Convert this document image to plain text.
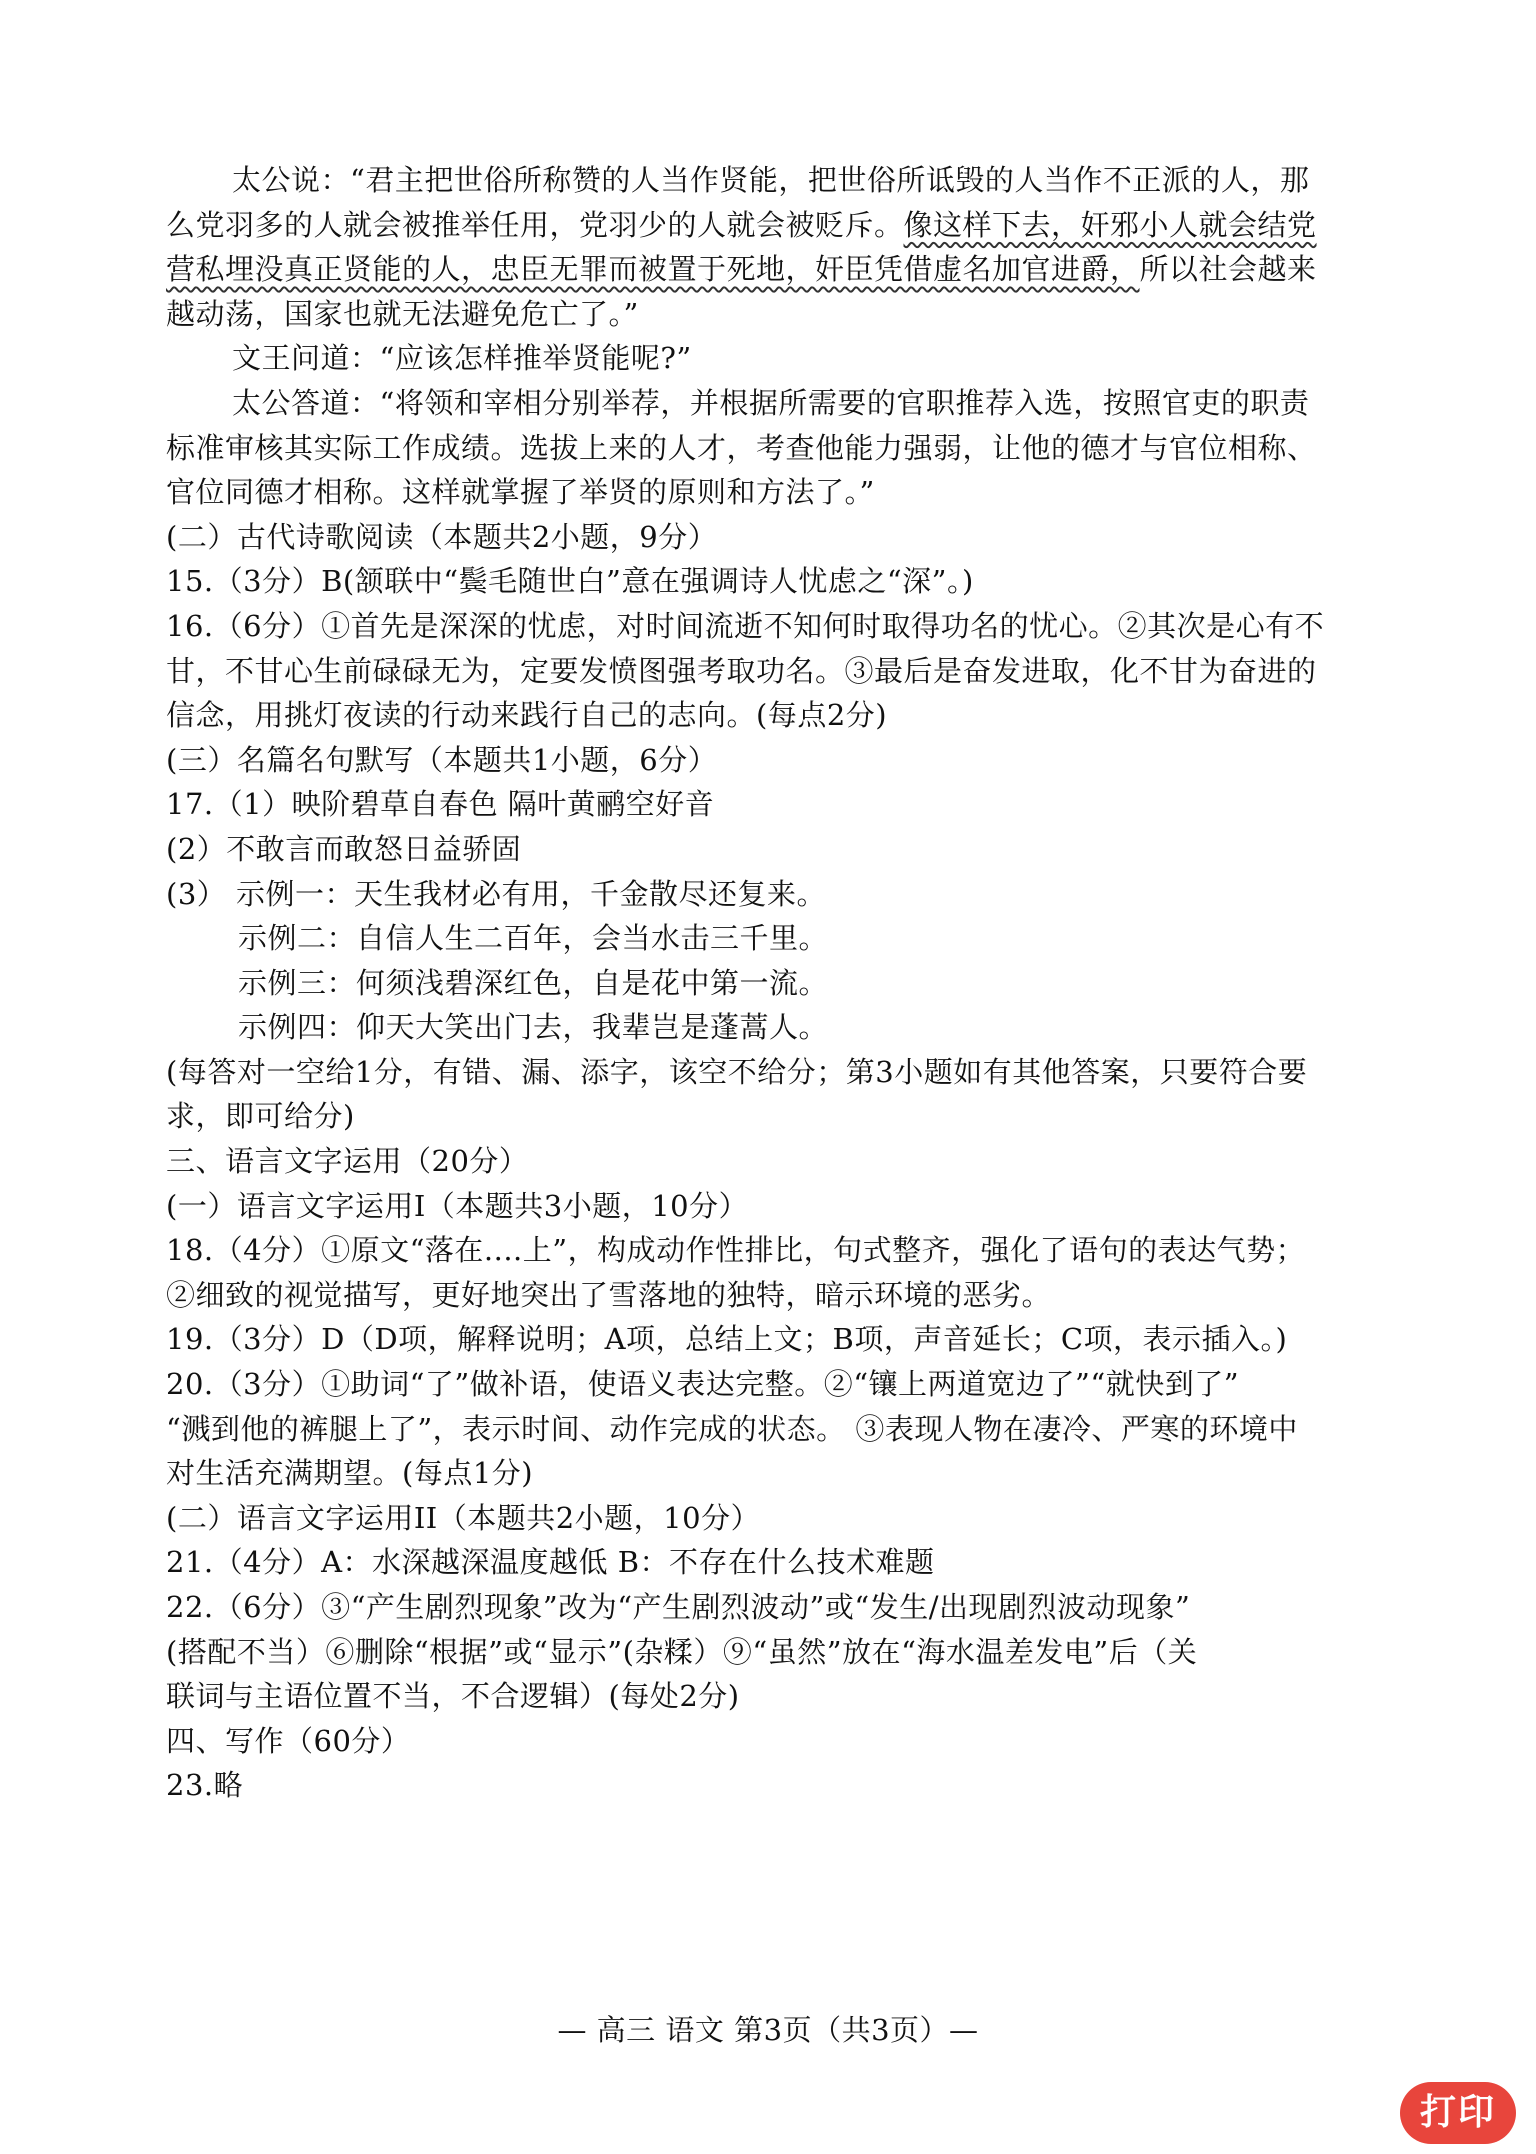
太公说：“君主把世俗所称赞的人当作贤能，把世俗所诋毁的人当作不正派的人，那
么党羽多的人就会被推举任用，党羽少的人就会被贬斥。像这样下去，奸邪小人就会结党
营私埋没真正贤能的人，忠臣无罪而被置于死地，奸臣凭借虚名加官进爵，所以社会越来
越动荡，国家也就无法避免危亡了。”
文王问道：“应该怎样推举贤能呢?”
太公答道：“将领和宰相分别举荐，并根据所需要的官职推荐入选，按照官吏的职责
标准审核其实际工作成绩。选拔上来的人才，考查他能力强弱，让他的德才与官位相称、
官位同德才相称。这样就掌握了举贤的原则和方法了。”
(二）古代诗歌阅读（本题共2小题，9分）
15.（3分）B(颔联中“鬓毛随世白”意在强调诗人忧虑之“深”。)
16.（6分）①首先是深深的忧虑，对时间流逝不知何时取得功名的忧心。②其次是心有不
甘，不甘心生前碌碌无为，定要发愤图强考取功名。③最后是奋发进取，化不甘为奋进的
信念，用挑灯夜读的行动来践行自己的志向。(每点2分)
(三）名篇名句默写（本题共1小题，6分）
17.（1）映阶碧草自春色 隔叶黄鹂空好音
(2）不敢言而敢怒日益骄固
(3） 示例一：天生我材必有用，千金散尽还复来。
示例二：自信人生二百年，会当水击三千里。
示例三：何须浅碧深红色，自是花中第一流。
示例四：仰天大笑出门去，我辈岂是蓬蒿人。
(每答对一空给1分，有错、漏、添字，该空不给分；第3小题如有其他答案，只要符合要
求，即可给分)
三、语言文字运用（20分）
(一）语言文字运用I（本题共3小题，10分）
18.（4分）①原文“落在....上”，构成动作性排比，句式整齐，强化了语句的表达气势；
②细致的视觉描写，更好地突出了雪落地的独特，暗示环境的恶劣。
19.（3分）D（D项，解释说明；A项，总结上文；B项，声音延长；C项，表示插入。)
20.（3分）①助词“了”做补语，使语义表达完整。②“镶上两道宽边了”“就快到了”
“溅到他的裤腿上了”，表示时间、动作完成的状态。 ③表现人物在凄冷、严寒的环境中
对生活充满期望。(每点1分)
(二）语言文字运用II（本题共2小题，10分）
21.（4分）A：水深越深温度越低 B：不存在什么技术难题
22.（6分）③“产生剧烈现象”改为“产生剧烈波动”或“发生/出现剧烈波动现象”
(搭配不当）⑥删除“根据”或“显示”(杂糅）⑨“虽然”放在“海水温差发电”后（关
联词与主语位置不当，不合逻辑）(每处2分)
四、写作（60分）
23.略
— 高三 语文 第3页（共3页）—
打印
